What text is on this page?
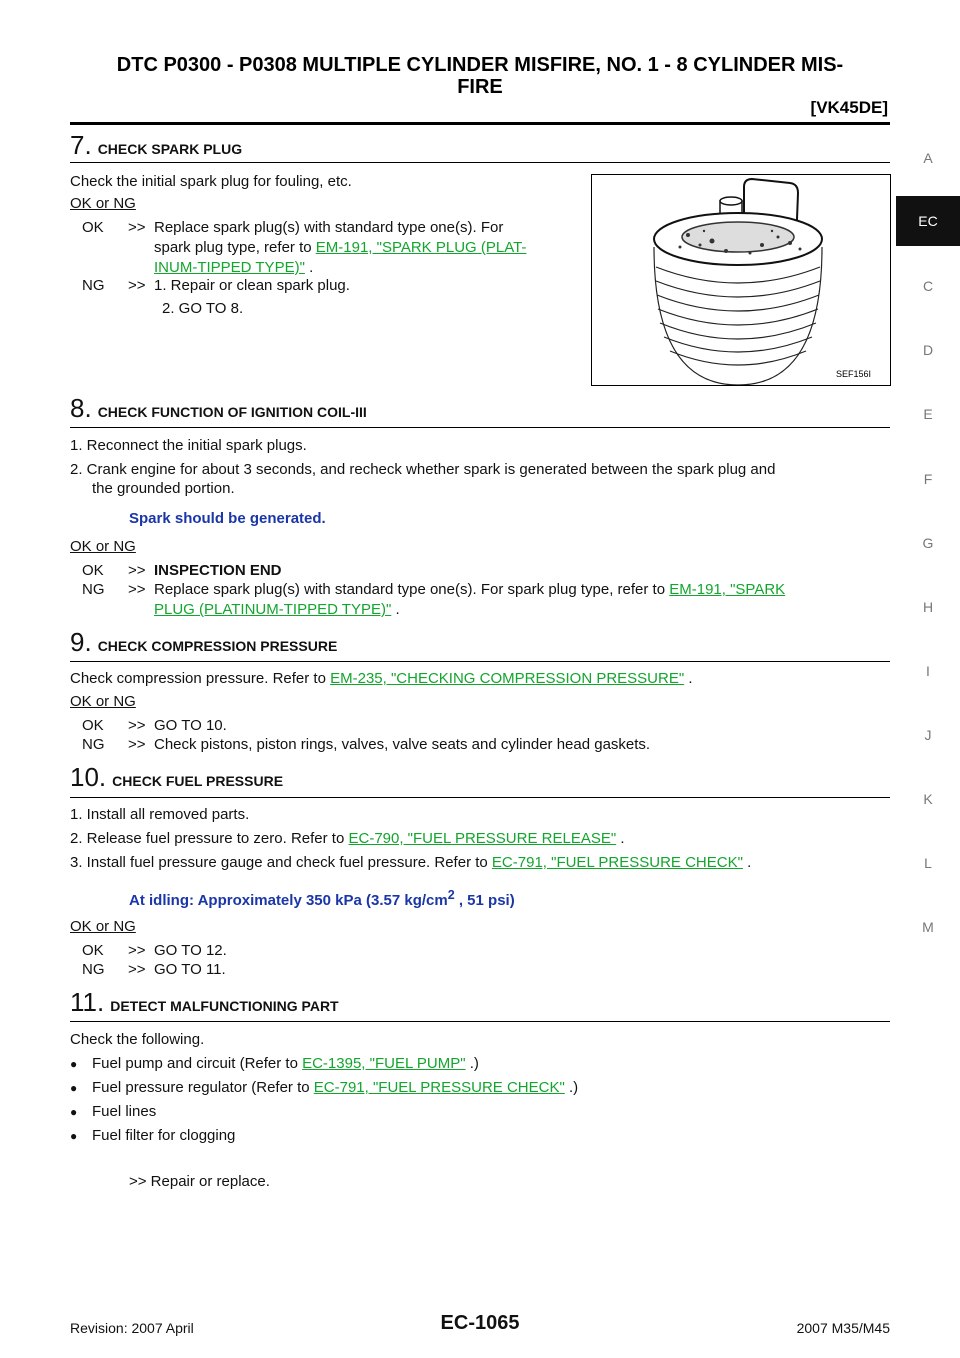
DTC P0300 - P0308 MULTIPLE CYLINDER MISFIRE, NO. 1 - 8 CYLINDER MIS-
FIRE
[VK45DE]
A
EC
C
D
E
F
G
H
I
J
K
L
M
7. CHECK SPARK PLUG
Check the initial spark plug for fouling, etc.
OK or NG
OK >> Replace spark plug(s) with standard type one(s). For
spark plug type, refer to EM-191, "SPARK PLUG (PLAT-
INUM-TIPPED TYPE)" .
NG >> 1. Repair or clean spark plug.
2. GO TO 8.
SEF156I
8. CHECK FUNCTION OF IGNITION COIL-III
1. Reconnect the initial spark plugs.
2. Crank engine for about 3 seconds, and recheck whether spark is generated between the spark plug and
the grounded portion.
Spark should be generated.
OK or NG
OK >> INSPECTION END
NG >> Replace spark plug(s) with standard type one(s). For spark plug type, refer to EM-191, "SPARK
PLUG (PLATINUM-TIPPED TYPE)" .
9. CHECK COMPRESSION PRESSURE
Check compression pressure. Refer to EM-235, "CHECKING COMPRESSION PRESSURE" .
OK or NG
OK >> GO TO 10.
NG >> Check pistons, piston rings, valves, valve seats and cylinder head gaskets.
10. CHECK FUEL PRESSURE
1. Install all removed parts.
2. Release fuel pressure to zero. Refer to EC-790, "FUEL PRESSURE RELEASE" .
3. Install fuel pressure gauge and check fuel pressure. Refer to EC-791, "FUEL PRESSURE CHECK" .
At idling: Approximately 350 kPa (3.57 $kg/cm^2$ , 51 psi)
OK or NG
OK >> GO TO 12.
NG >> GO TO 11.
11. DETECT MALFUNCTIONING PART
Check the following.
● Fuel pump and circuit (Refer to EC-1395, "FUEL PUMP" .)
● Fuel pressure regulator (Refer to EC-791, "FUEL PRESSURE CHECK" .)
● Fuel lines
● Fuel filter for clogging
>> Repair or replace.
Revision: 2007 April	EC-1065	2007 M35/M45
